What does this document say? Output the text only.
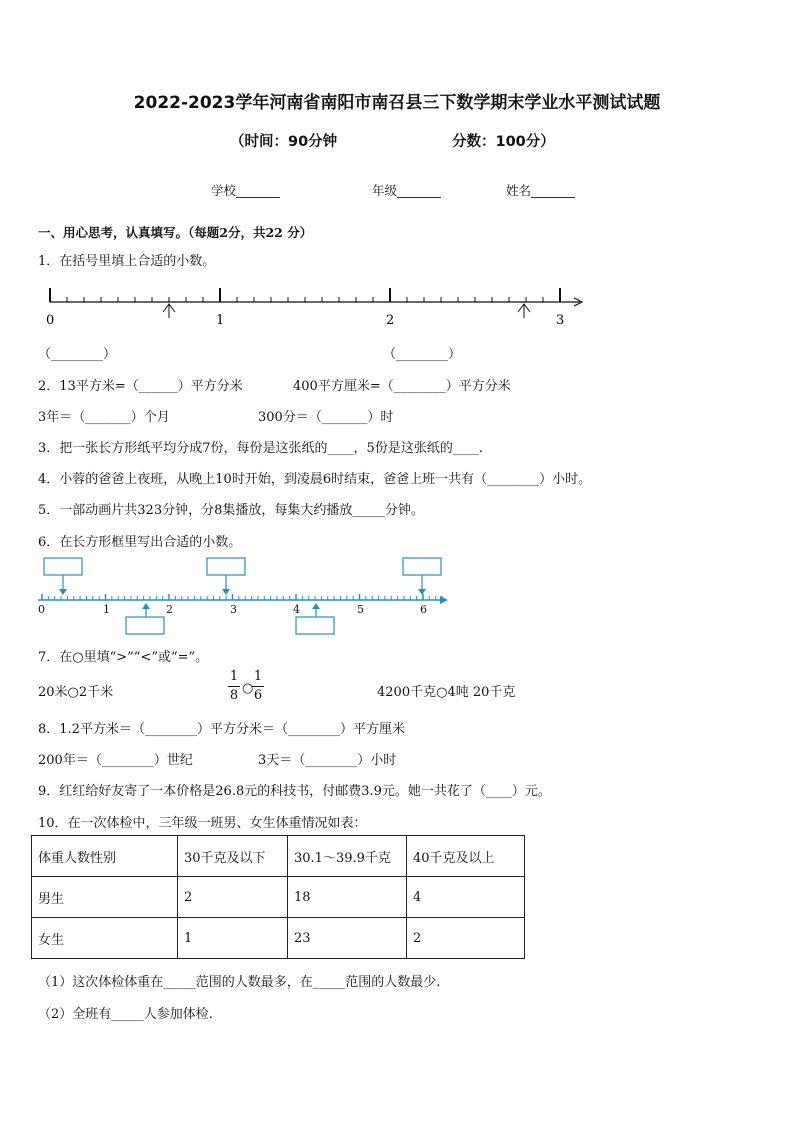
2022-2023学年河南省南阳市南召县三下数学期末学业水平测试试题
（时间：90分钟	分数：100分）
学校_______	年级_______	姓名_______
一、用心思考，认真填写。（每题2分，共22 分）
1．在括号里填上合适的小数。
0	1	2	3
（________）	（________）
2．13平方米=（______）平方分米	400平方厘米=（________）平方分米
3年＝（_______）个月	300分＝（_______）时
3．把一张长方形纸平均分成7份，每份是这张纸的____，5份是这张纸的____.
4．小蓉的爸爸上夜班，从晚上10时开始，到凌晨6时结束，爸爸上班一共有（________）小时。
5．一部动画片共323分钟，分8集播放，每集大约播放_____分钟。
6．在长方形框里写出合适的小数。
0	1	2	3	4	5	6
7．在○里填“>”“<”或“=”。
20米○2千米
1
8 ○
1
6	4200千克○4吨 20千克
8．1.2平方米＝（________）平方分米＝（________）平方厘米
200年＝（________）世纪	3天＝（________）小时
9．红红给好友寄了一本价格是26.8元的科技书，付邮费3.9元。她一共花了（____）元。
10．在一次体检中，三年级一班男、女生体重情况如表：
体重人数性别	30千克及以下	30.1～39.9千克	40千克及以上
男生	2	18	4
女生	1	23	2
（1）这次体检体重在_____范围的人数最多，在_____范围的人数最少.
（2）全班有_____人参加体检.
